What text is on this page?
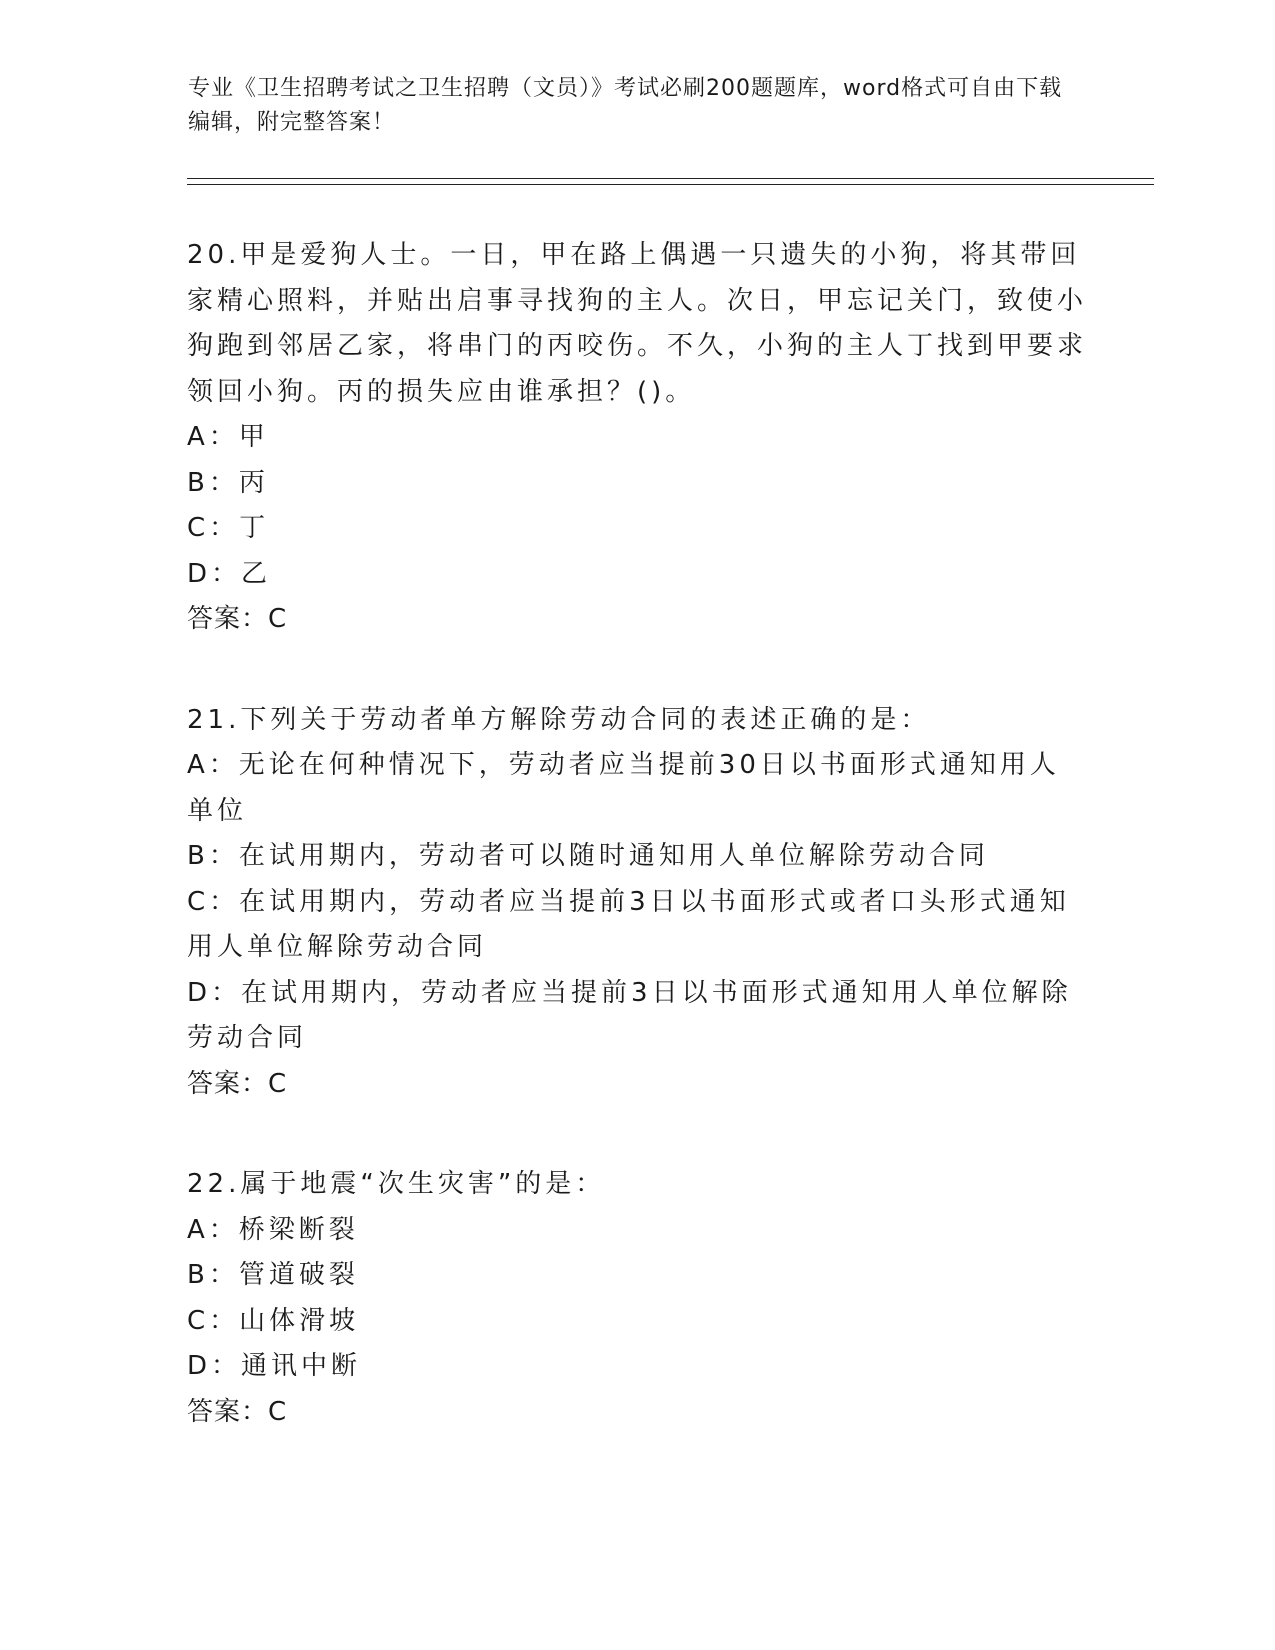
专业《卫生招聘考试之卫生招聘（文员）》考试必刷200题题库，word格式可自由下载编辑，附完整答案！
20.甲是爱狗人士。一日，甲在路上偶遇一只遗失的小狗，将其带回家精心照料，并贴出启事寻找狗的主人。次日，甲忘记关门，致使小狗跑到邻居乙家，将串门的丙咬伤。不久，小狗的主人丁找到甲要求领回小狗。丙的损失应由谁承担？()。
A：甲
B：丙
C：丁
D：乙
答案：C
21.下列关于劳动者单方解除劳动合同的表述正确的是：
A：无论在何种情况下，劳动者应当提前30日以书面形式通知用人单位
B：在试用期内，劳动者可以随时通知用人单位解除劳动合同
C：在试用期内，劳动者应当提前3日以书面形式或者口头形式通知用人单位解除劳动合同
D：在试用期内，劳动者应当提前3日以书面形式通知用人单位解除劳动合同
答案：C
22.属于地震“次生灾害”的是：
A：桥梁断裂
B：管道破裂
C：山体滑坡
D：通讯中断
答案：C
